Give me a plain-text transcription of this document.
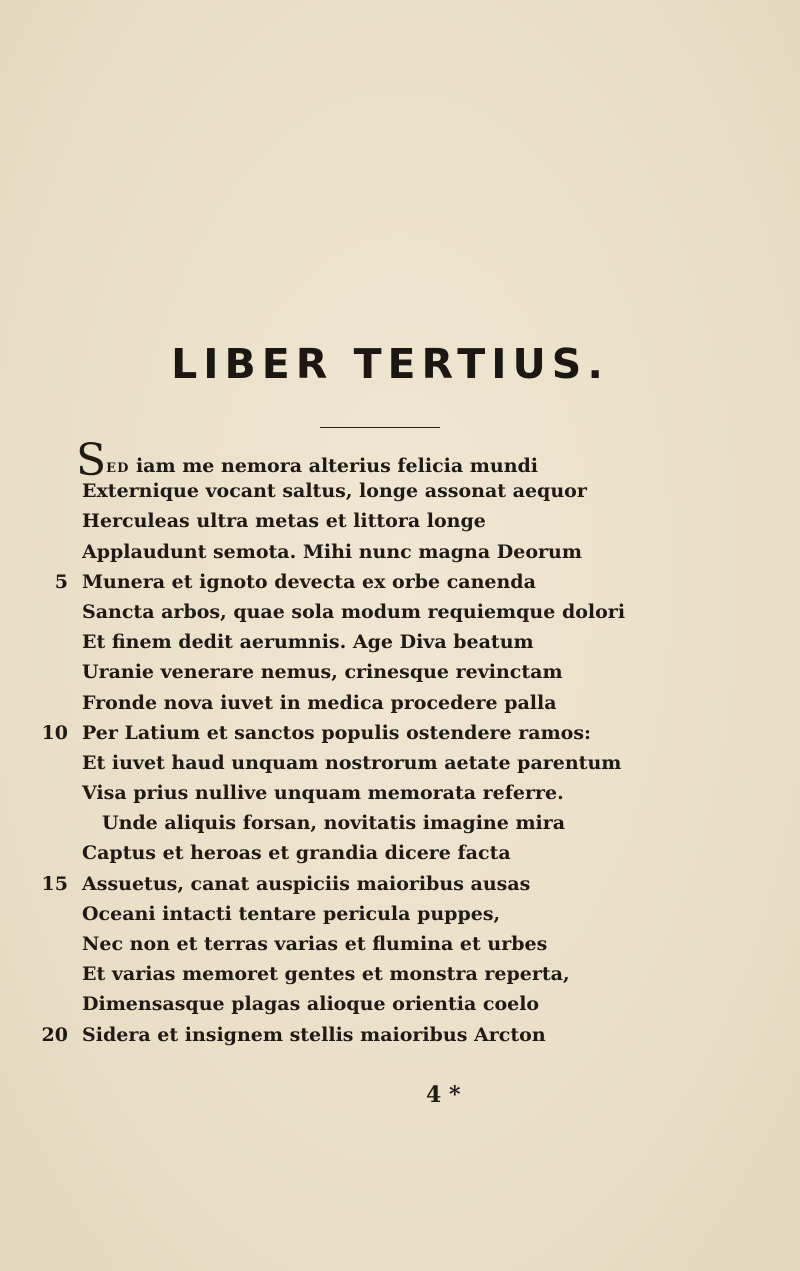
LIBER TERTIUS.
SED iam me nemora alterius felicia mundi
Externique vocant saltus, longe assonat aequor
Herculeas ultra metas et littora longe
Applaudunt semota. Mihi nunc magna Deorum
5 Munera et ignoto devecta ex orbe canenda
Sancta arbos, quae sola modum requiemque dolori
Et finem dedit aerumnis. Age Diva beatum
Uranie venerare nemus, crinesque revinctam
Fronde nova iuvet in medica procedere palla
10 Per Latium et sanctos populis ostendere ramos:
Et iuvet haud unquam nostrorum aetate parentum
Visa prius nullive unquam memorata referre.
Unde aliquis forsan, novitatis imagine mira
Captus et heroas et grandia dicere facta
15 Assuetus, canat auspiciis maioribus ausas
Oceani intacti tentare pericula puppes,
Nec non et terras varias et flumina et urbes
Et varias memoret gentes et monstra reperta,
Dimensasque plagas alioque orientia coelo
20 Sidera et insignem stellis maioribus Arcton
4 *
